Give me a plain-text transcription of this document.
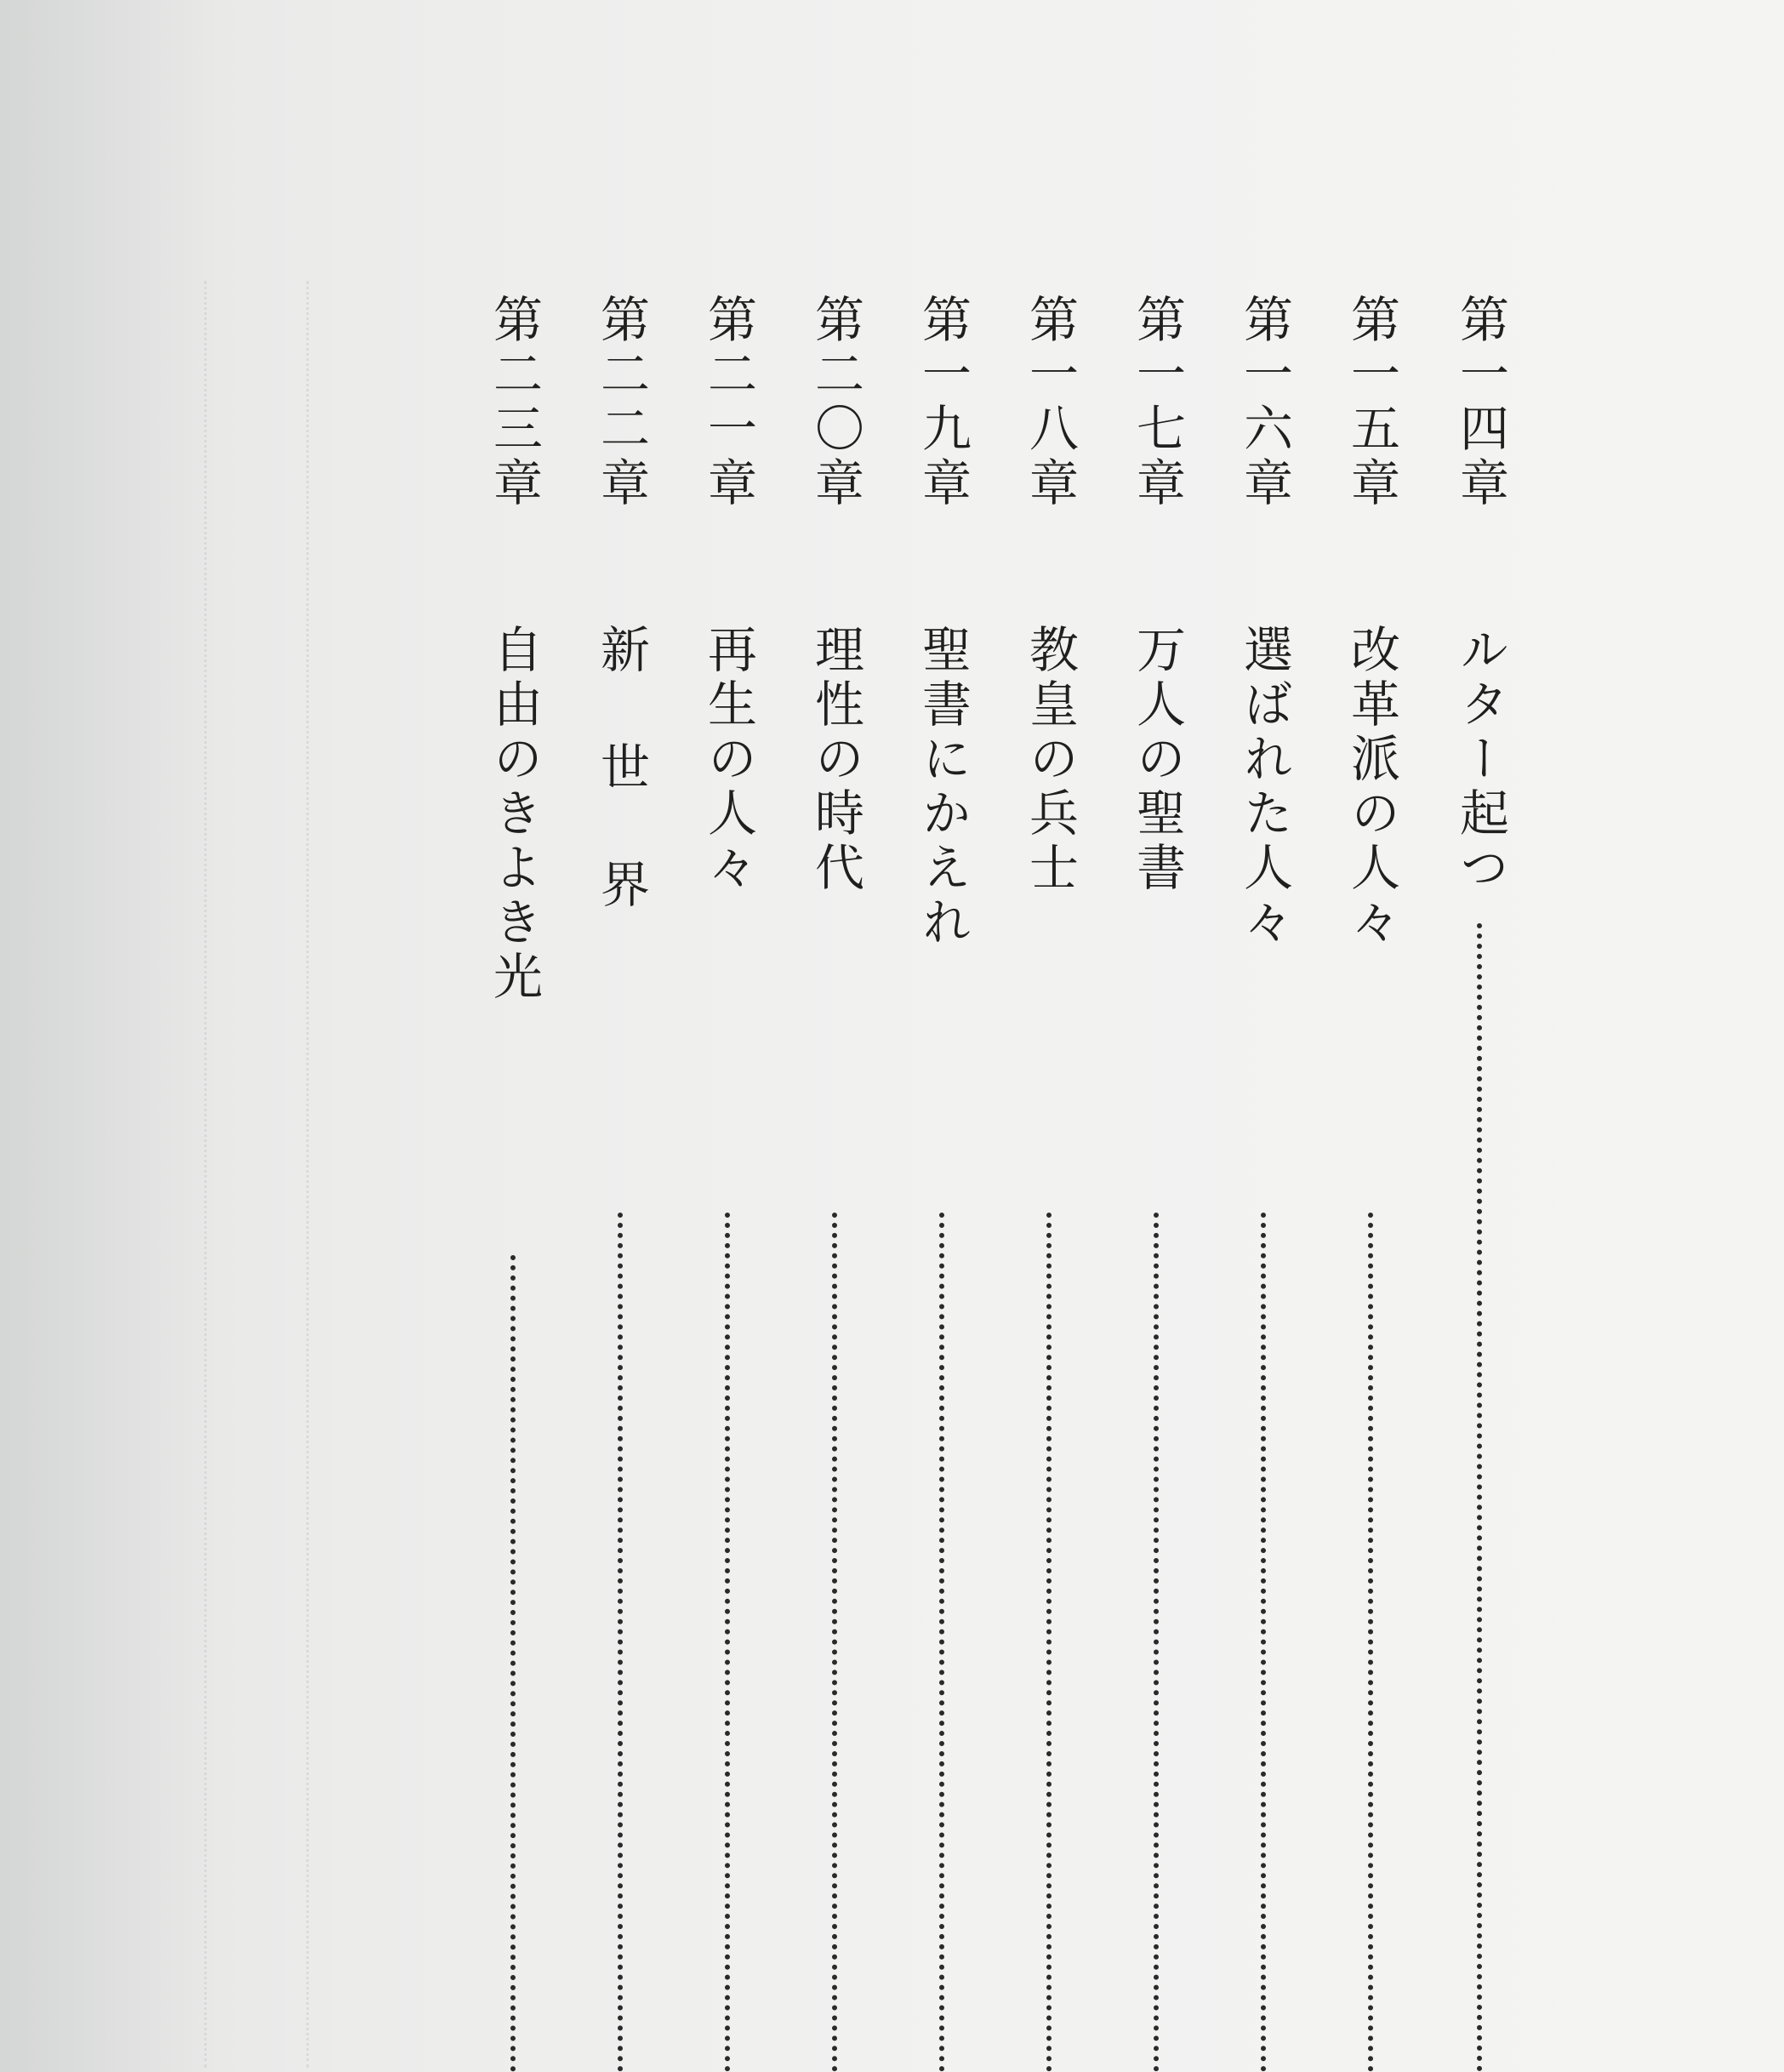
第一四章 ルター起つ
第一五章 改革派の人々
第一六章 選ばれた人々
第一七章 万人の聖書
第一八章 教皇の兵士
第一九章 聖書にかえれ
第二〇章 理性の時代
第二一章 再生の人々
第二二章 新 世 界
第二三章 自由のきよき光
